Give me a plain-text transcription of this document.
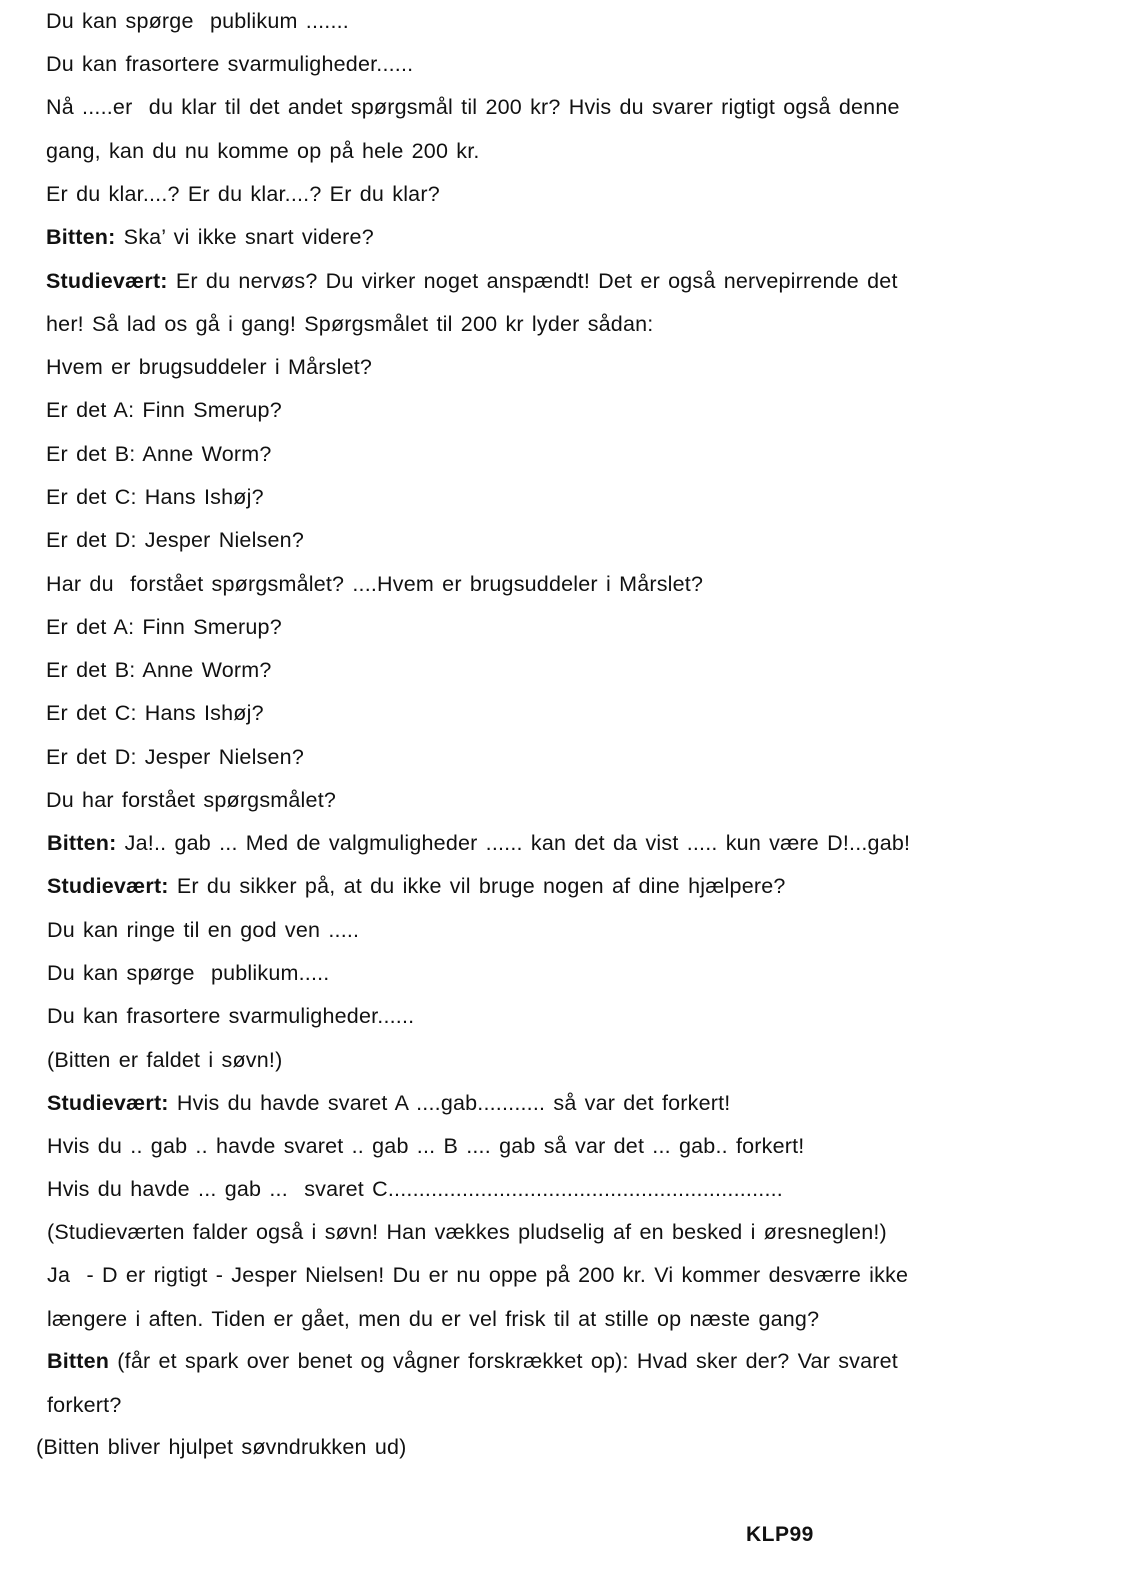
Du kan spørge  publikum .......
Du kan frasortere svarmuligheder......
Nå .....er  du klar til det andet spørgsmål til 200 kr? Hvis du svarer rigtigt også denne
gang, kan du nu komme op på hele 200 kr.
Er du klar....? Er du klar....? Er du klar?
Bitten: Ska’ vi ikke snart videre?
Studievært: Er du nervøs? Du virker noget anspændt! Det er også nervepirrende det
her! Så lad os gå i gang! Spørgsmålet til 200 kr lyder sådan:
Hvem er brugsuddeler i Mårslet?
Er det A: Finn Smerup?
Er det B: Anne Worm?
Er det C: Hans Ishøj?
Er det D: Jesper Nielsen?
Har du  forstået spørgsmålet? ....Hvem er brugsuddeler i Mårslet?
Er det A: Finn Smerup?
Er det B: Anne Worm?
Er det C: Hans Ishøj?
Er det D: Jesper Nielsen?
Du har forstået spørgsmålet?
Bitten: Ja!.. gab ... Med de valgmuligheder ...... kan det da vist ..... kun være D!...gab!
Studievært: Er du sikker på, at du ikke vil bruge nogen af dine hjælpere?
Du kan ringe til en god ven .....
Du kan spørge  publikum.....
Du kan frasortere svarmuligheder......
(Bitten er faldet i søvn!)
Studievært: Hvis du havde svaret A ....gab........... så var det forkert!
Hvis du .. gab .. havde svaret .. gab ... B .... gab så var det ... gab.. forkert!
Hvis du havde ... gab ...  svaret C................................................................
(Studieværten falder også i søvn! Han vækkes pludselig af en besked i øresneglen!)
Ja  - D er rigtigt - Jesper Nielsen! Du er nu oppe på 200 kr. Vi kommer desværre ikke
længere i aften. Tiden er gået, men du er vel frisk til at stille op næste gang?
Bitten (får et spark over benet og vågner forskrækket op): Hvad sker der? Var svaret
forkert?
(Bitten bliver hjulpet søvndrukken ud)
KLP99
